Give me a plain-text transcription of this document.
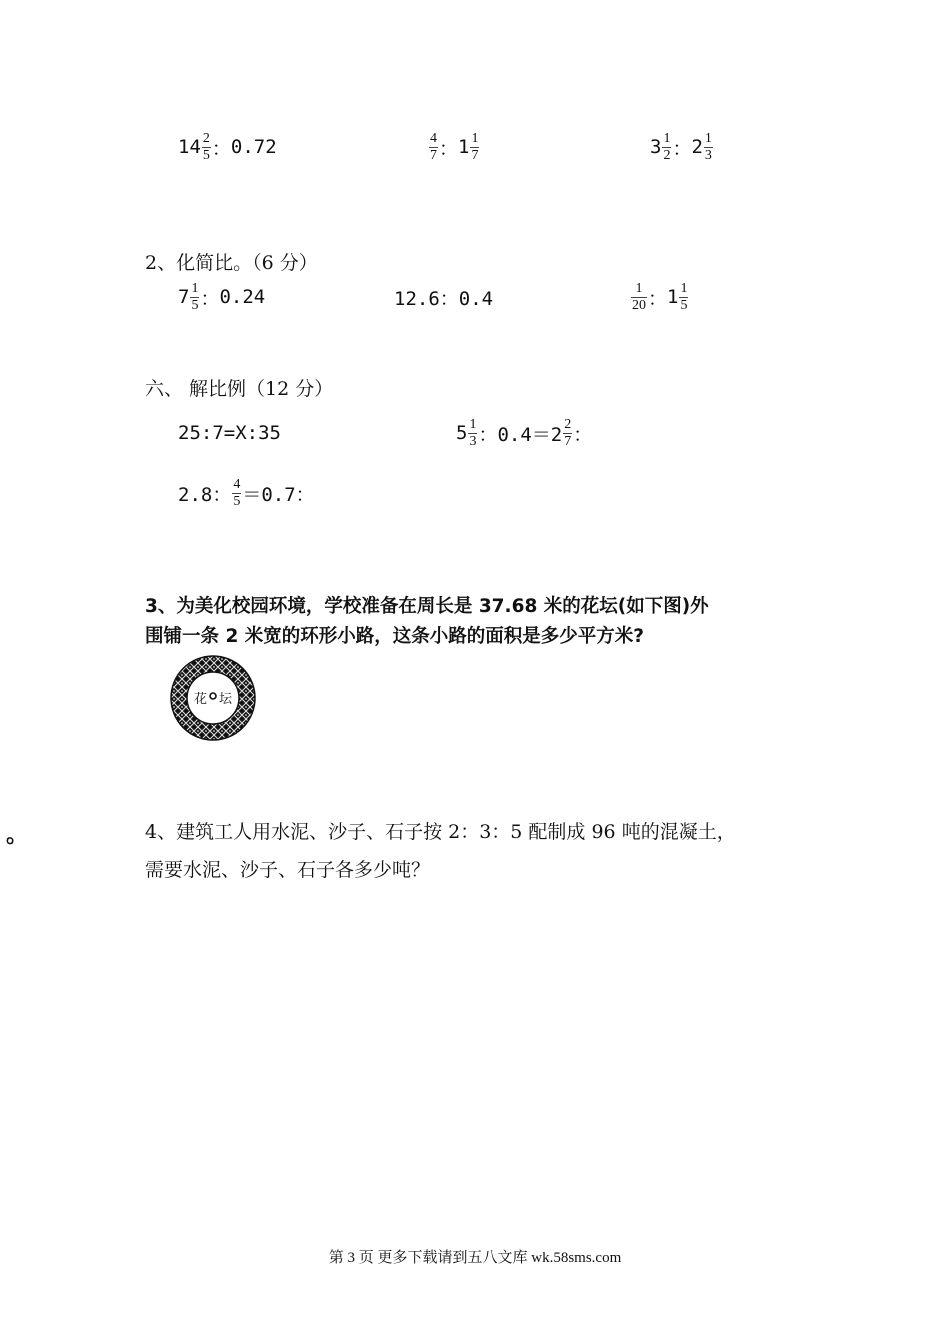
$14 \frac{2}{5}$ ： 0.72	$\frac{4}{7}$ ： $1 \frac{1}{7}$	$3 \frac{1}{2}$ ： $2 \frac{1}{3}$
2、化简比。（6 分）
$7 \frac{1}{5}$ ： 0.24	12.6：0.4	$\frac{1}{20}$ ： $1 \frac{1}{5}$
六、 解比例（12 分）
25:7=X:35	$5 \frac{1}{3}$ ：$0.4=2 \frac{2}{7}$ ：
2.8： $\frac{4}{5} =0.7$：
3、为美化校园环境，学校准备在周长是 37.68 米的花坛(如下图)外
围铺一条 2 米宽的环形小路，这条小路的面积是多少平方米?
花 坛
。	4、建筑工人用水泥、沙子、石子按 2：3：5 配制成 96 吨的混凝土，
需要水泥、沙子、石子各多少吨？
第 3 页 更多下载请到五八文库 wk.58sms.com
